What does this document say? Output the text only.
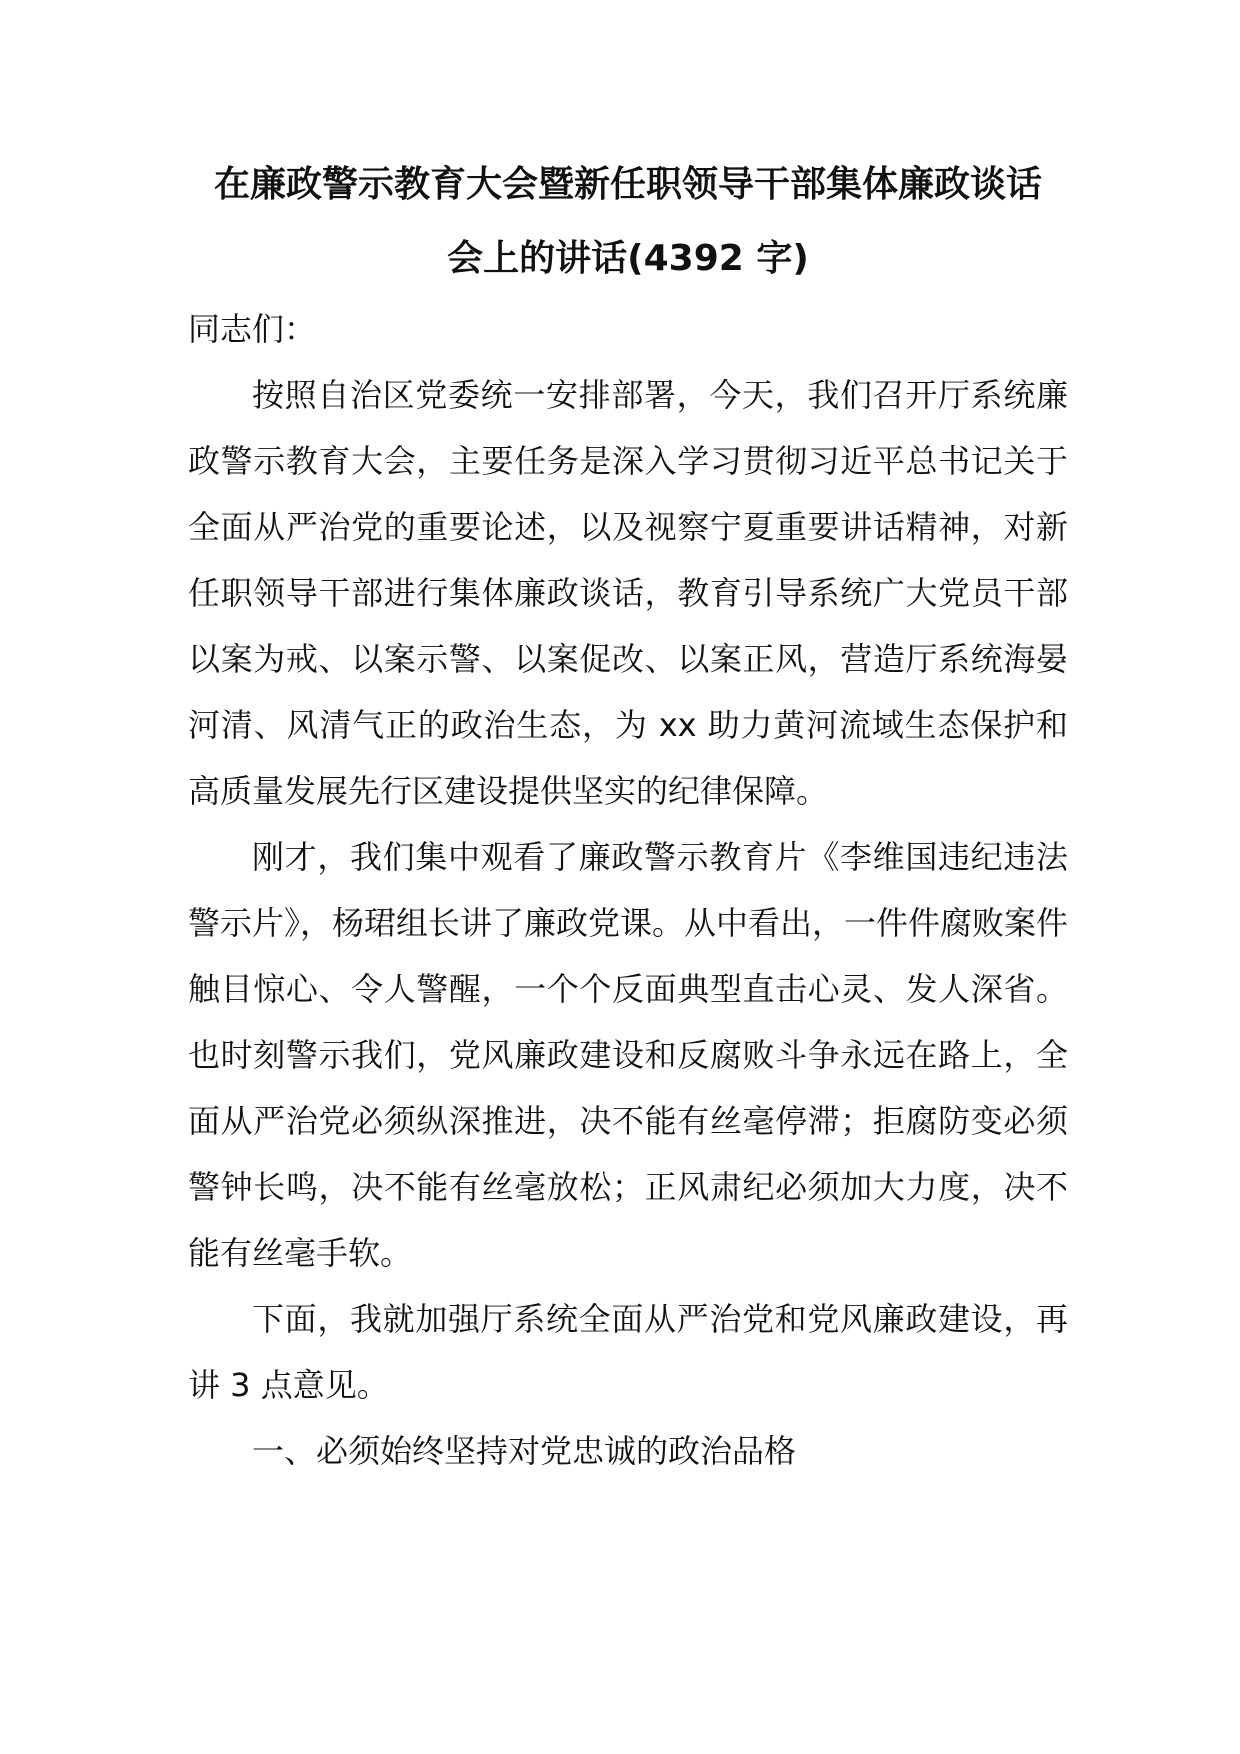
在廉政警示教育大会暨新任职领导干部集体廉政谈话
会上的讲话(4392 字)

同志们：

按照自治区党委统一安排部署，今天，我们召开厅系统廉政警示教育大会，主要任务是深入学习贯彻习近平总书记关于全面从严治党的重要论述，以及视察宁夏重要讲话精神，对新任职领导干部进行集体廉政谈话，教育引导系统广大党员干部以案为戒、以案示警、以案促改、以案正风，营造厅系统海晏河清、风清气正的政治生态，为 xx 助力黄河流域生态保护和高质量发展先行区建设提供坚实的纪律保障。

刚才，我们集中观看了廉政警示教育片《李维国违纪违法警示片》，杨珺组长讲了廉政党课。从中看出，一件件腐败案件触目惊心、令人警醒，一个个反面典型直击心灵、发人深省。也时刻警示我们，党风廉政建设和反腐败斗争永远在路上，全面从严治党必须纵深推进，决不能有丝毫停滞；拒腐防变必须警钟长鸣，决不能有丝毫放松；正风肃纪必须加大力度，决不能有丝毫手软。

下面，我就加强厅系统全面从严治党和党风廉政建设，再讲 3 点意见。

一、必须始终坚持对党忠诚的政治品格
